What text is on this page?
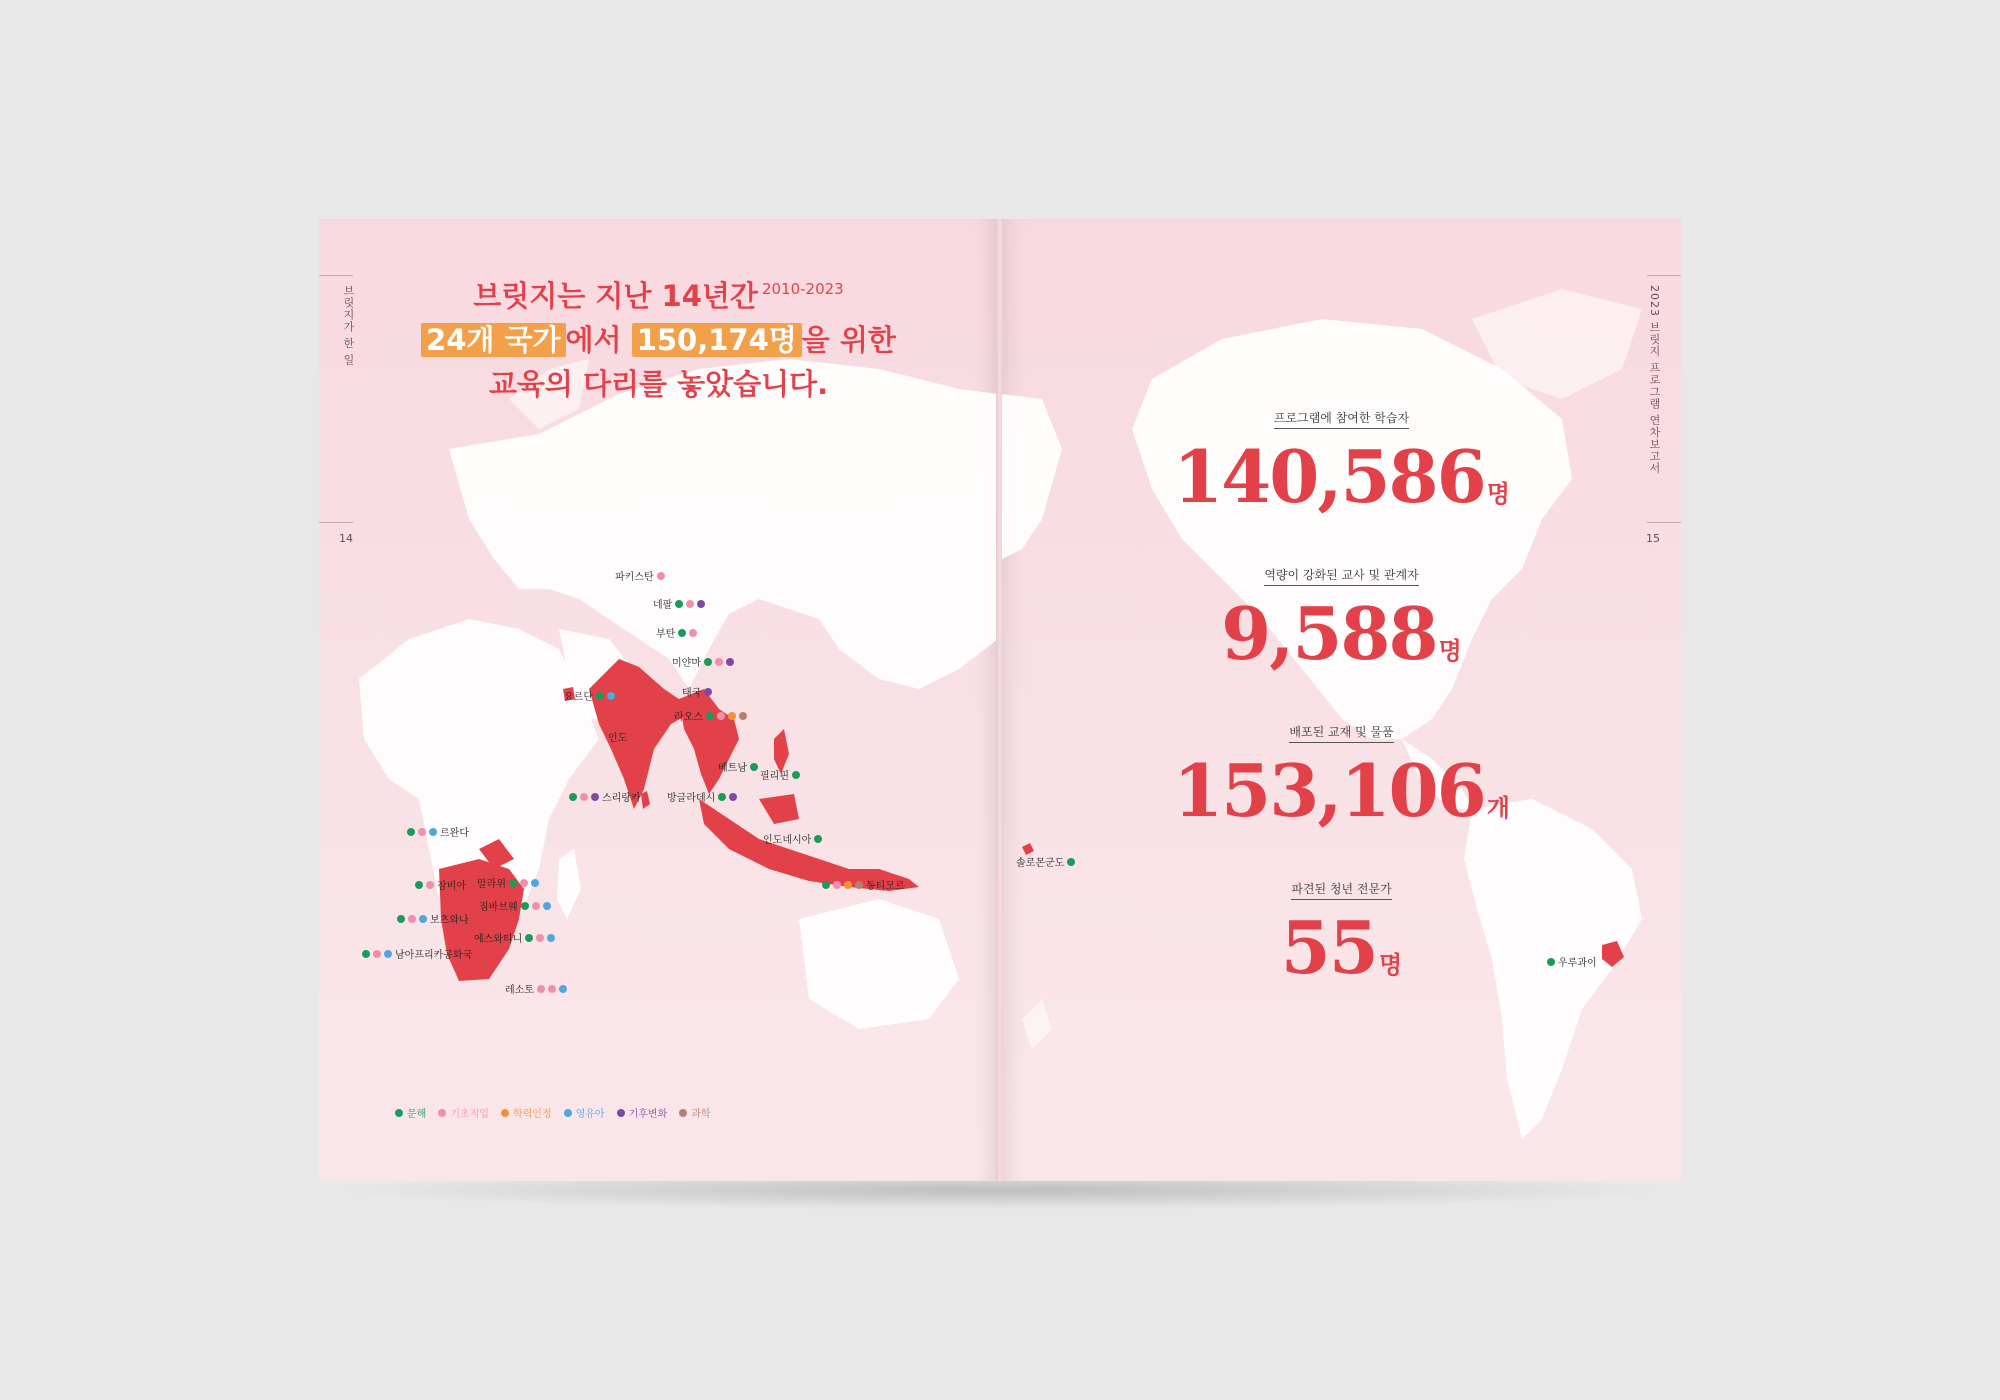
브릿지가 한 일
14
브릿지는 지난 14년간 $^{2010-2023}$
24개 국가 에서 150,174명 을 위한
교육의 다리를 놓았습니다.
파키스탄
네팔
부탄
미얀마
태국
라오스
요르단
인도
베트남
필리핀
스리랑카	방글라데시
인도네시아
르완다
동티모르
잠비아 말라위
짐바브웨
보츠와나
에스와티니
남아프리카공화국
레소토
문해 기초직업 학력인정 영유아 기후변화 과학
2023 브릿지 프로그램 연차보고서
15
솔로몬군도
우루과이
프로그램에 참여한 학습자
140,586명
역량이 강화된 교사 및 관계자
9,588명
배포된 교재 및 물품
153,106개
파견된 청년 전문가
55명
